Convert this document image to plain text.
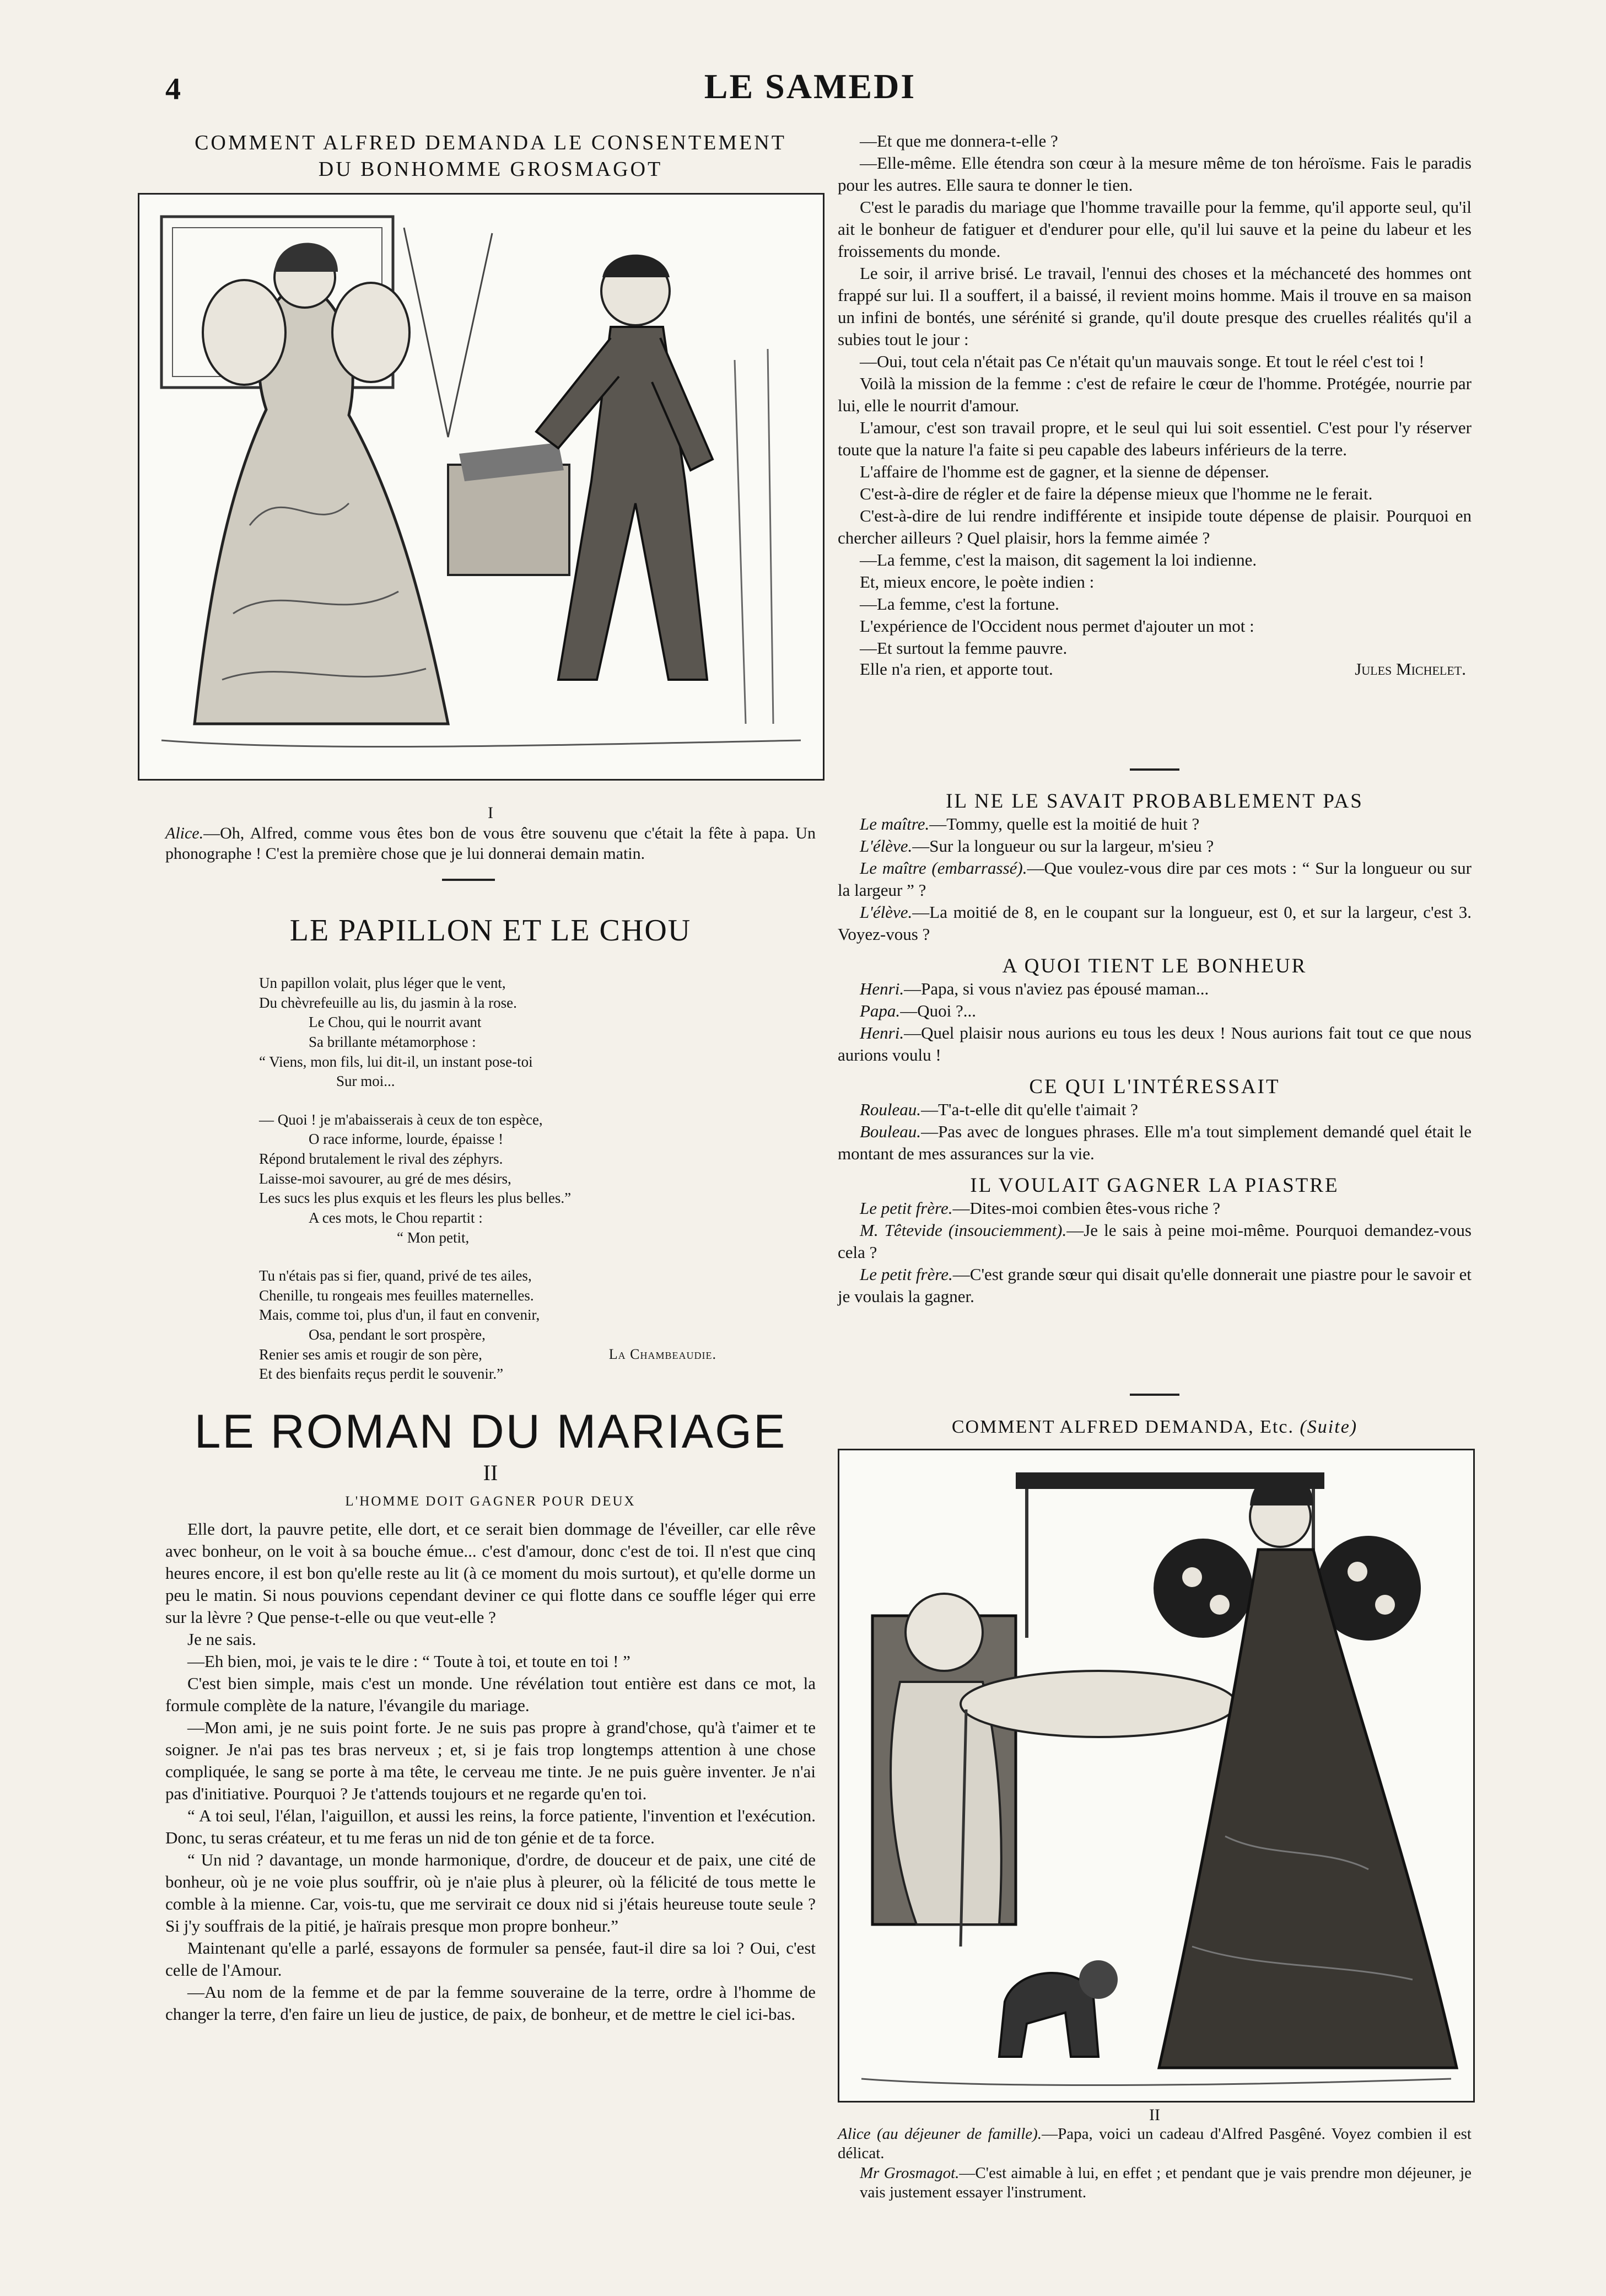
4	LE SAMEDI
COMMENT ALFRED DEMANDA LE CONSENTEMENT
DU BONHOMME GROSMAGOT
I
Alice.—Oh, Alfred, comme vous êtes bon de vous être souvenu que c'était la fête à papa. Un phonographe ! C'est la première chose que je lui donnerai demain matin.
LE PAPILLON ET LE CHOU
Un papillon volait, plus léger que le vent,
Du chèvrefeuille au lis, du jasmin à la rose.
Le Chou, qui le nourrit avant
Sa brillante métamorphose :
“ Viens, mon fils, lui dit-il, un instant pose-toi
Sur moi...
— Quoi ! je m'abaisserais à ceux de ton espèce,
O race informe, lourde, épaisse !
Répond brutalement le rival des zéphyrs.
Laisse-moi savourer, au gré de mes désirs,
Les sucs les plus exquis et les fleurs les plus belles.”
A ces mots, le Chou repartit :
“ Mon petit,
Tu n'étais pas si fier, quand, privé de tes ailes,
Chenille, tu rongeais mes feuilles maternelles.
Mais, comme toi, plus d'un, il faut en convenir,
Osa, pendant le sort prospère,
Renier ses amis et rougir de son père,
Et des bienfaits reçus perdit le souvenir.”
La Chambeaudie.
LE ROMAN DU MARIAGE
II
L'HOMME DOIT GAGNER POUR DEUX

Elle dort, la pauvre petite, elle dort, et ce serait bien dommage de l'éveiller, car elle rêve avec bonheur, on le voit à sa bouche émue... c'est d'amour, donc c'est de toi. Il n'est que cinq heures encore, il est bon qu'elle reste au lit (à ce moment du mois surtout), et qu'elle dorme un peu le matin. Si nous pouvions cependant deviner ce qui flotte dans ce souffle léger qui erre sur la lèvre ? Que pense-t-elle ou que veut-elle ?

Je ne sais.

—Eh bien, moi, je vais te le dire : “ Toute à toi, et toute en toi ! ”

C'est bien simple, mais c'est un monde. Une révélation tout entière est dans ce mot, la formule complète de la nature, l'évangile du mariage.

—Mon ami, je ne suis point forte. Je ne suis pas propre à grand'chose, qu'à t'aimer et te soigner. Je n'ai pas tes bras nerveux ; et, si je fais trop longtemps attention à une chose compliquée, le sang se porte à ma tête, le cerveau me tinte. Je ne puis guère inventer. Je n'ai pas d'initiative. Pourquoi ? Je t'attends toujours et ne regarde qu'en toi.

“ A toi seul, l'élan, l'aiguillon, et aussi les reins, la force patiente, l'invention et l'exécution. Donc, tu seras créateur, et tu me feras un nid de ton génie et de ta force.

“ Un nid ? davantage, un monde harmonique, d'ordre, de douceur et de paix, une cité de bonheur, où je ne voie plus souffrir, où je n'aie plus à pleurer, où la félicité de tous mette le comble à la mienne. Car, vois-tu, que me servirait ce doux nid si j'étais heureuse toute seule ? Si j'y souffrais de la pitié, je haïrais presque mon propre bonheur.”

Maintenant qu'elle a parlé, essayons de formuler sa pensée, faut-il dire sa loi ? Oui, c'est celle de l'Amour.

—Au nom de la femme et de par la femme souveraine de la terre, ordre à l'homme de changer la terre, d'en faire un lieu de justice, de paix, de bonheur, et de mettre le ciel ici-bas.

—Et que me donnera-t-elle ?

—Elle-même. Elle étendra son cœur à la mesure même de ton héroïsme. Fais le paradis pour les autres. Elle saura te donner le tien.

C'est le paradis du mariage que l'homme travaille pour la femme, qu'il apporte seul, qu'il ait le bonheur de fatiguer et d'endurer pour elle, qu'il lui sauve et la peine du labeur et les froissements du monde.

Le soir, il arrive brisé. Le travail, l'ennui des choses et la méchanceté des hommes ont frappé sur lui. Il a souffert, il a baissé, il revient moins homme. Mais il trouve en sa maison un infini de bontés, une sérénité si grande, qu'il doute presque des cruelles réalités qu'il a subies tout le jour :

—Oui, tout cela n'était pas Ce n'était qu'un mauvais songe. Et tout le réel c'est toi !

Voilà la mission de la femme : c'est de refaire le cœur de l'homme. Protégée, nourrie par lui, elle le nourrit d'amour.

L'amour, c'est son travail propre, et le seul qui lui soit essentiel. C'est pour l'y réserver toute que la nature l'a faite si peu capable des labeurs inférieurs de la terre.

L'affaire de l'homme est de gagner, et la sienne de dépenser.

C'est-à-dire de régler et de faire la dépense mieux que l'homme ne le ferait.

C'est-à-dire de lui rendre indifférente et insipide toute dépense de plaisir. Pourquoi en chercher ailleurs ? Quel plaisir, hors la femme aimée ?

—La femme, c'est la maison, dit sagement la loi indienne.

Et, mieux encore, le poète indien :

—La femme, c'est la fortune.

L'expérience de l'Occident nous permet d'ajouter un mot :

—Et surtout la femme pauvre.

Elle n'a rien, et apporte tout.	Jules Michelet.

IL NE LE SAVAIT PROBABLEMENT PAS

Le maître.—Tommy, quelle est la moitié de huit ?

L'élève.—Sur la longueur ou sur la largeur, m'sieu ?

Le maître (embarrassé).—Que voulez-vous dire par ces mots : “ Sur la longueur ou sur la largeur ” ?

L'élève.—La moitié de 8, en le coupant sur la longueur, est 0, et sur la largeur, c'est 3. Voyez-vous ?

A QUOI TIENT LE BONHEUR

Henri.—Papa, si vous n'aviez pas épousé maman...

Papa.—Quoi ?...

Henri.—Quel plaisir nous aurions eu tous les deux ! Nous aurions fait tout ce que nous aurions voulu !

CE QUI L'INTÉRESSAIT

Rouleau.—T'a-t-elle dit qu'elle t'aimait ?

Bouleau.—Pas avec de longues phrases. Elle m'a tout simplement demandé quel était le montant de mes assurances sur la vie.

IL VOULAIT GAGNER LA PIASTRE

Le petit frère.—Dites-moi combien êtes-vous riche ?

M. Têtevide (insouciemment).—Je le sais à peine moi-même. Pourquoi demandez-vous cela ?

Le petit frère.—C'est grande sœur qui disait qu'elle donnerait une piastre pour le savoir et je voulais la gagner.

COMMENT ALFRED DEMANDA, Etc. (Suite)
II
Alice (au déjeuner de famille).—Papa, voici un cadeau d'Alfred Pasgêné. Voyez combien il est délicat.
Mr Grosmagot.—C'est aimable à lui, en effet ; et pendant que je vais prendre mon déjeuner, je vais justement essayer l'instrument.
